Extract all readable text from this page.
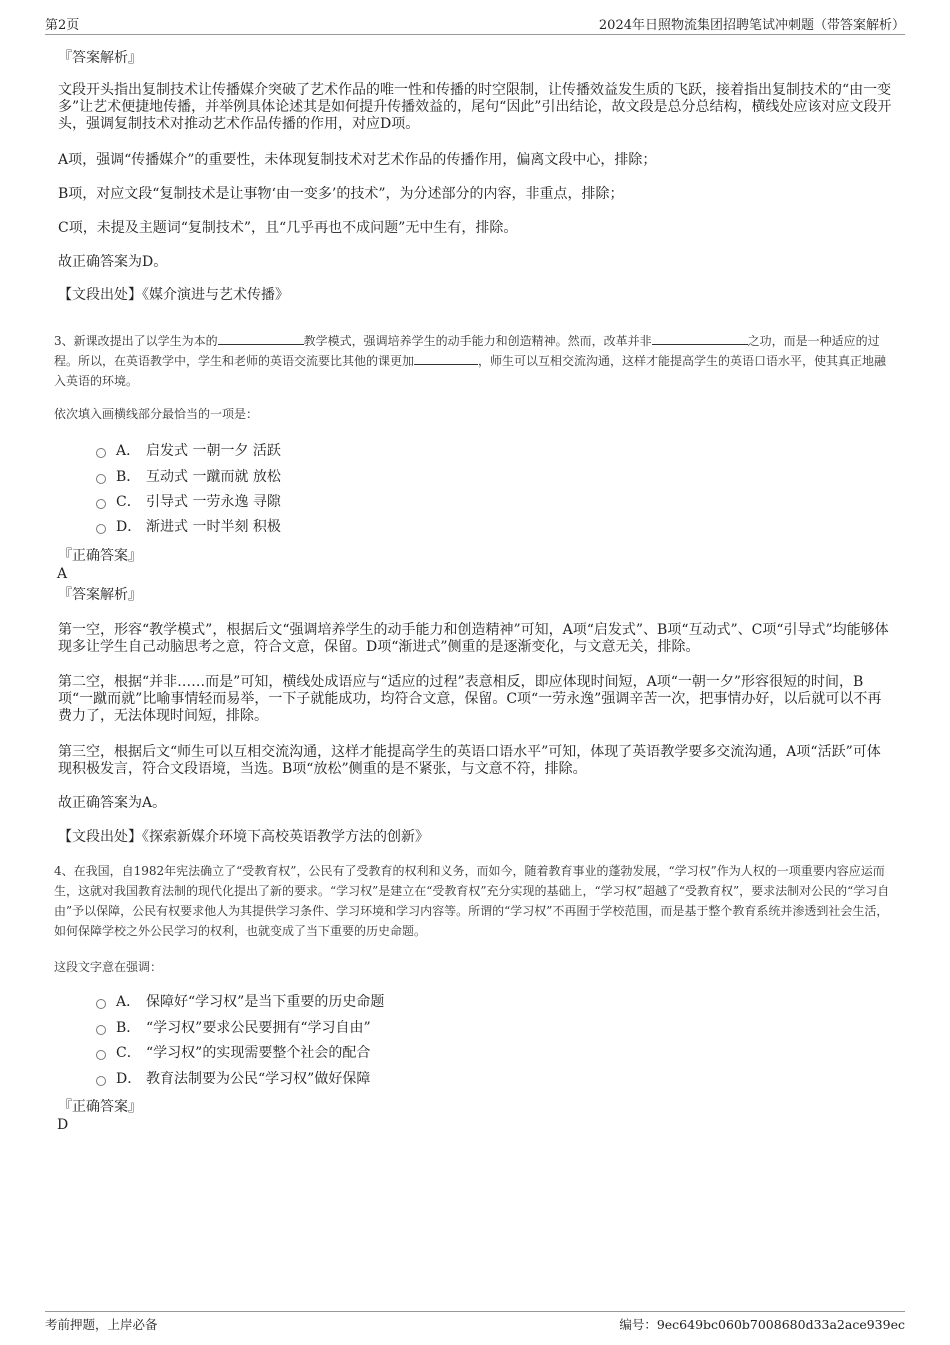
第2页	2024年日照物流集团招聘笔试冲刺题（带答案解析）
『答案解析』
文段开头指出复制技术让传播媒介突破了艺术作品的唯一性和传播的时空限制，让传播效益发生质的飞跃，接着指出复制技术的“由一变多”让艺术便捷地传播，并举例具体论述其是如何提升传播效益的，尾句“因此”引出结论，故文段是总分总结构，横线处应该对应文段开头，强调复制技术对推动艺术作品传播的作用，对应D项。
A项，强调“传播媒介”的重要性，未体现复制技术对艺术作品的传播作用，偏离文段中心，排除；
B项，对应文段“复制技术是让事物‘由一变多’的技术”，为分述部分的内容，非重点，排除；
C项，未提及主题词“复制技术”，且“几乎再也不成问题”无中生有，排除。
故正确答案为D。
【文段出处】《媒介演进与艺术传播》
3、新课改提出了以学生为本的	教学模式，强调培养学生的动手能力和创造精神。然而，改革并非	之功，而是一种适应的过程。所以，在英语教学中，学生和老师的英语交流要比其他的课更加	，师生可以互相交流沟通，这样才能提高学生的英语口语水平，使其真正地融入英语的环境。
依次填入画横线部分最恰当的一项是：
A． 启发式 一朝一夕 活跃
B． 互动式 一蹴而就 放松
C． 引导式 一劳永逸 寻隙
D． 渐进式 一时半刻 积极
『正确答案』
A
『答案解析』
第一空，形容“教学模式”，根据后文“强调培养学生的动手能力和创造精神”可知，A项“启发式”、B项“互动式”、C项“引导式”均能够体现多让学生自己动脑思考之意，符合文意，保留。D项“渐进式”侧重的是逐渐变化，与文意无关，排除。
第二空，根据“并非……而是”可知，横线处成语应与“适应的过程”表意相反，即应体现时间短，A项“一朝一夕”形容很短的时间，B项“一蹴而就”比喻事情轻而易举，一下子就能成功，均符合文意，保留。C项“一劳永逸”强调辛苦一次，把事情办好，以后就可以不再费力了，无法体现时间短，排除。
第三空，根据后文“师生可以互相交流沟通，这样才能提高学生的英语口语水平”可知，体现了英语教学要多交流沟通，A项“活跃”可体现积极发言，符合文段语境，当选。B项“放松”侧重的是不紧张，与文意不符，排除。
故正确答案为A。
【文段出处】《探索新媒介环境下高校英语教学方法的创新》
4、在我国，自1982年宪法确立了“受教育权”，公民有了受教育的权利和义务，而如今，随着教育事业的蓬勃发展，“学习权”作为人权的一项重要内容应运而生，这就对我国教育法制的现代化提出了新的要求。“学习权”是建立在“受教育权”充分实现的基础上，“学习权”超越了“受教育权”，要求法制对公民的“学习自由”予以保障，公民有权要求他人为其提供学习条件、学习环境和学习内容等。所谓的“学习权”不再囿于学校范围，而是基于整个教育系统并渗透到社会生活，如何保障学校之外公民学习的权利，也就变成了当下重要的历史命题。
这段文字意在强调：
A． 保障好“学习权”是当下重要的历史命题
B． “学习权”要求公民要拥有“学习自由”
C． “学习权”的实现需要整个社会的配合
D． 教育法制要为公民“学习权”做好保障
『正确答案』
D
考前押题，上岸必备	编号：9ec649bc060b7008680d33a2ace939ec
